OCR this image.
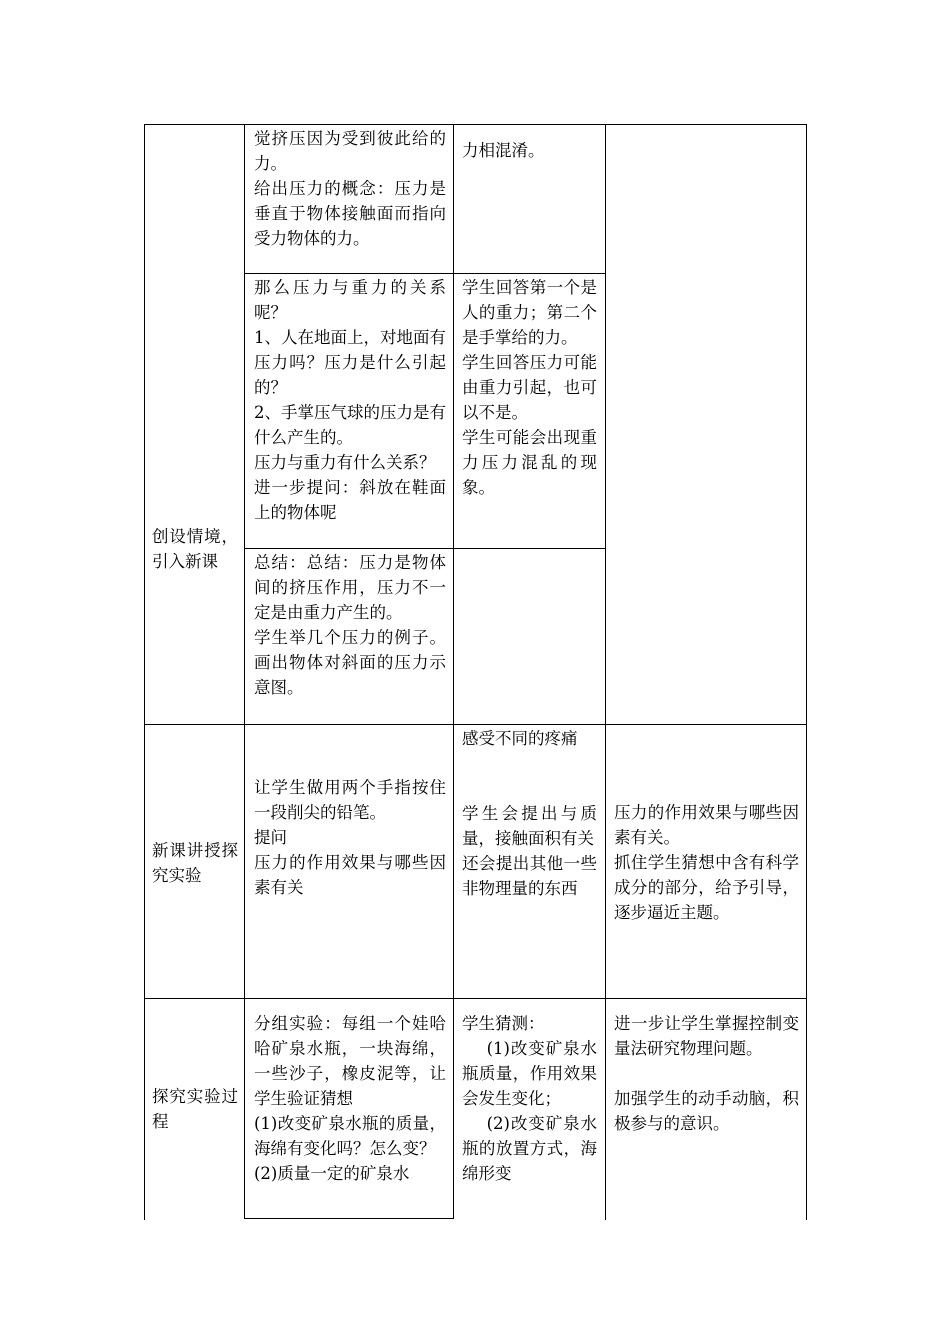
觉挤压因为受到彼此给的力。

给出压力的概念：压力是垂直于物体接触面而指向受力物体的力。

力相混淆。

那么压力与重力的关系呢？

1、人在地面上，对地面有压力吗？压力是什么引起的？

2、手掌压气球的压力是有什么产生的。

压力与重力有什么关系？

进一步提问：斜放在鞋面上的物体呢

学生回答第一个是人的重力；第二个是手掌给的力。

学生回答压力可能由重力引起，也可以不是。

学生可能会出现重力压力混乱的现象。

创设情境，引入新课	总结：总结：压力是物体间的挤压作用，压力不一定是由重力产生的。

学生举几个压力的例子。画出物体对斜面的压力示意图。

新课讲授探究实验

让学生做用两个手指按住一段削尖的铅笔。

提问

压力的作用效果与哪些因素有关

感受不同的疼痛

学生会提出与质量，接触面积有关

还会提出其他一些非物理量的东西

压力的作用效果与哪些因素有关。

抓住学生猜想中含有科学成分的部分，给予引导，逐步逼近主题。

探究实验过程

分组实验：每组一个娃哈哈矿泉水瓶，一块海绵，一些沙子，橡皮泥等，让学生验证猜想

(1)改变矿泉水瓶的质量，海绵有变化吗？怎么变？

(2)质量一定的矿泉水

学生猜测：

(1)改变矿泉水瓶质量，作用效果会发生变化；

(2)改变矿泉水瓶的放置方式，海绵形变

进一步让学生掌握控制变量法研究物理问题。

加强学生的动手动脑，积极参与的意识。
